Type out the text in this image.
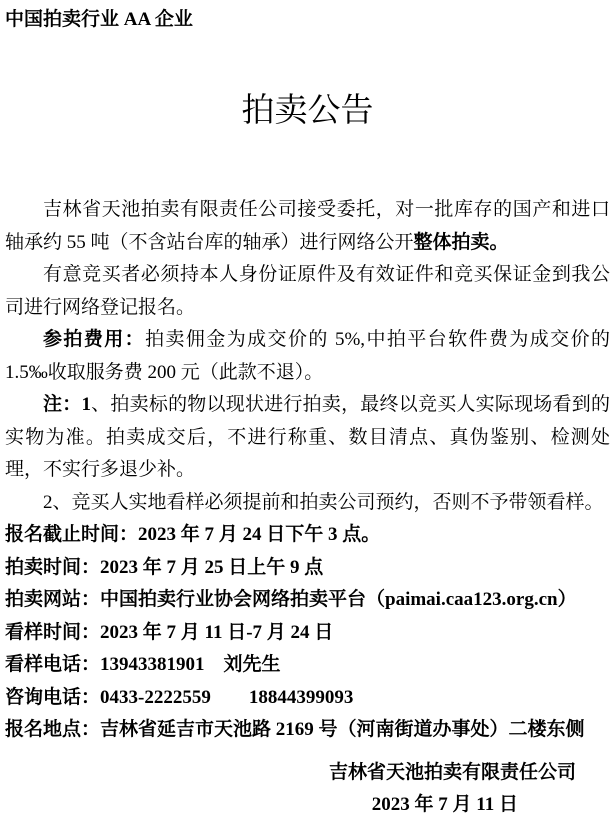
中国拍卖行业 AA 企业
拍卖公告

吉林省天池拍卖有限责任公司接受委托，对一批库存的国产和进口轴承约 55 吨（不含站台库的轴承）进行网络公开整体拍卖。

有意竞买者必须持本人身份证原件及有效证件和竞买保证金到我公司进行网络登记报名。

参拍费用：拍卖佣金为成交价的 5%,中拍平台软件费为成交价的 1.5‰收取服务费 200 元（此款不退）。

注：1、拍卖标的物以现状进行拍卖，最终以竞买人实际现场看到的实物为准。拍卖成交后，不进行称重、数目清点、真伪鉴别、检测处理，不实行多退少补。

2、竞买人实地看样必须提前和拍卖公司预约，否则不予带领看样。

报名截止时间：2023 年 7 月 24 日下午 3 点。
拍卖时间：2023 年 7 月 25 日上午 9 点
拍卖网站：中国拍卖行业协会网络拍卖平台（paimai.caa123.org.cn）
看样时间：2023 年 7 月 11 日-7 月 24 日
看样电话：13943381901　刘先生
咨询电话：0433-2222559　　18844399093
报名地点：吉林省延吉市天池路 2169 号（河南街道办事处）二楼东侧
吉林省天池拍卖有限责任公司
2023 年 7 月 11 日
